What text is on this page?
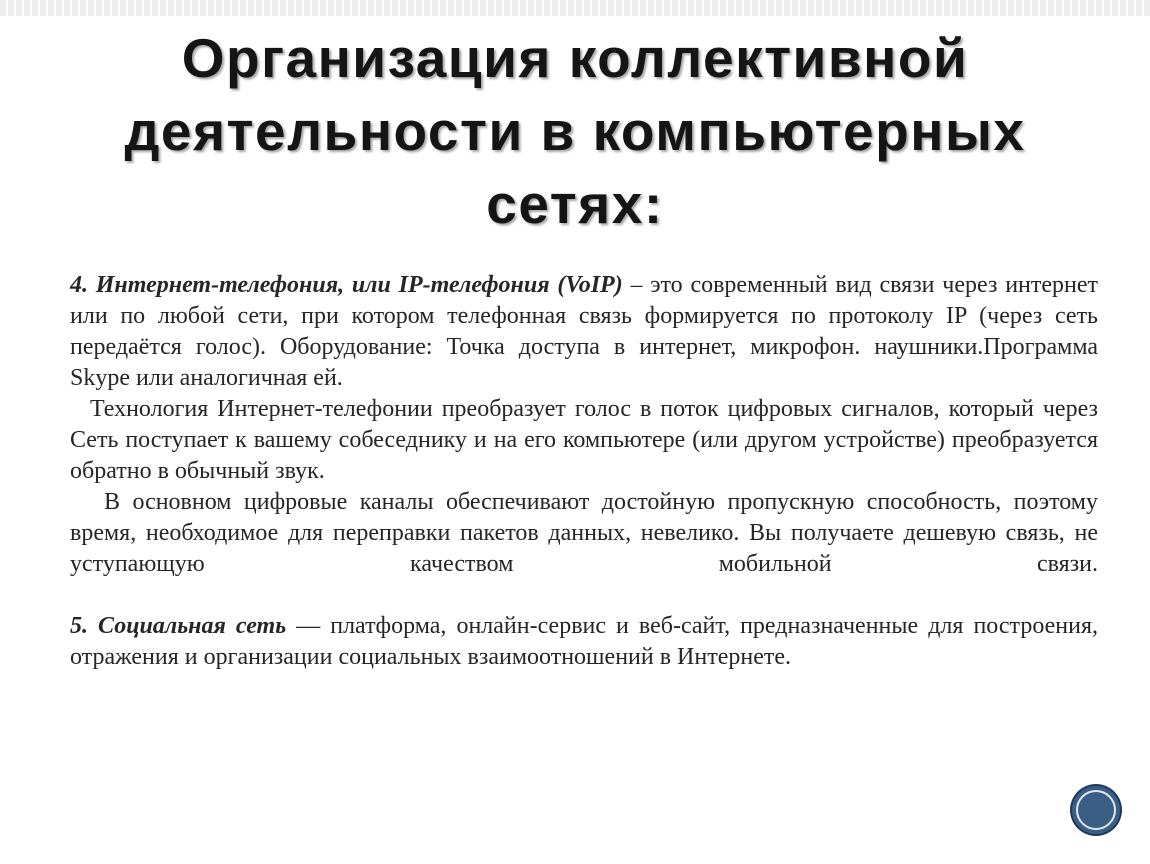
Организация коллективной
деятельности в компьютерных
сетях:

4. Интернет-телефония, или IP-телефония (VoIP) – это современный вид связи через интернет или по любой сети, при котором телефонная связь формируется по протоколу IP (через сеть передаётся голос). Оборудование: Точка доступа в интернет, микрофон. наушники.Программа Skype или аналогичная ей.

Технология Интернет-телефонии преобразует голос в поток цифровых сигналов, который через Сеть поступает к вашему собеседнику и на его компьютере (или другом устройстве) преобразуется обратно в обычный звук.

В основном цифровые каналы обеспечивают достойную пропускную способность, поэтому время, необходимое для переправки пакетов данных, невелико. Вы получаете дешевую связь, не уступающую качеством мобильной связи.

5. Социальная сеть — платформа, онлайн-сервис и веб-сайт, предназначенные для построения, отражения и организации социальных взаимоотношений в Интернете.
